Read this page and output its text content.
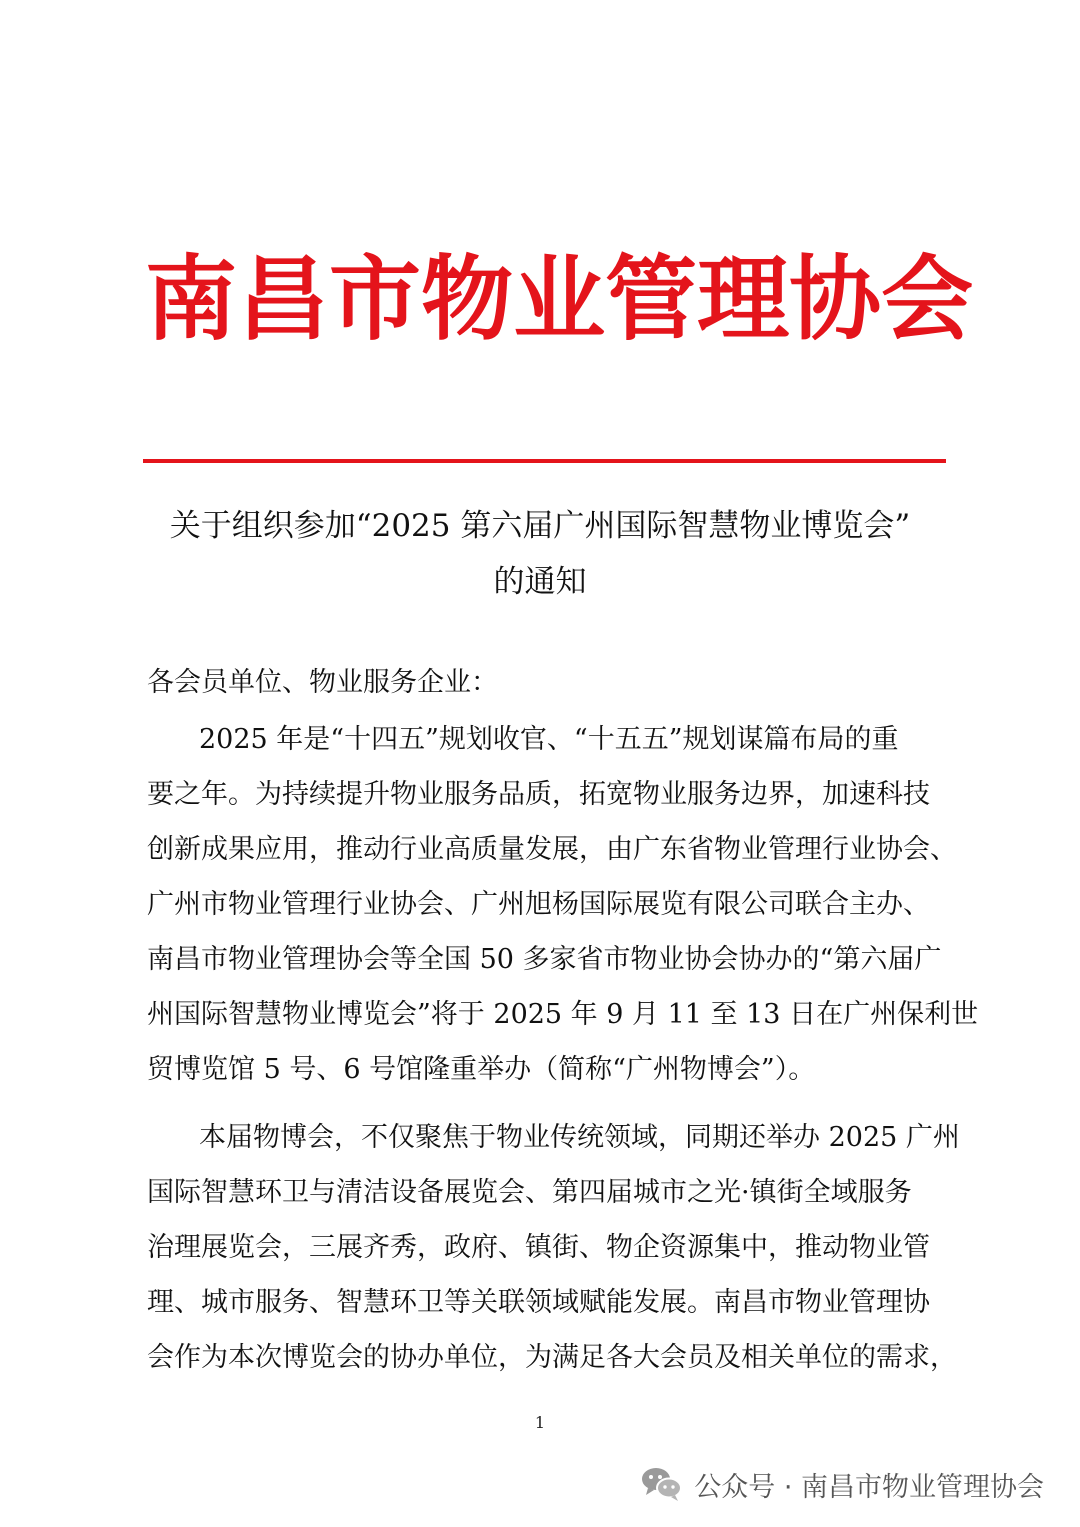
南 昌 市 物 业 管 理 协 会
关于组织参加“2025 第六届广州国际智慧物业博览会”
的通知
各会员单位、物业服务企业：
2025 年是“十四五”规划收官、“十五五”规划谋篇布局的重
要之年。为持续提升物业服务品质，拓宽物业服务边界，加速科技
创新成果应用，推动行业高质量发展，由广东省物业管理行业协会、
广州市物业管理行业协会、广州旭杨国际展览有限公司联合主办、
南昌市物业管理协会等全国 50 多家省市物业协会协办的“第六届广
州国际智慧物业博览会”将于 2025 年 9 月 11 至 13 日在广州保利世
贸博览馆 5 号、6 号馆隆重举办（简称“广州物博会”）。
本届物博会，不仅聚焦于物业传统领域，同期还举办 2025 广州
国际智慧环卫与清洁设备展览会、第四届城市之光·镇街全域服务
治理展览会，三展齐秀，政府、镇街、物企资源集中，推动物业管
理、城市服务、智慧环卫等关联领域赋能发展。南昌市物业管理协
会作为本次博览会的协办单位，为满足各大会员及相关单位的需求，
1
公众号 · 南昌市物业管理协会
